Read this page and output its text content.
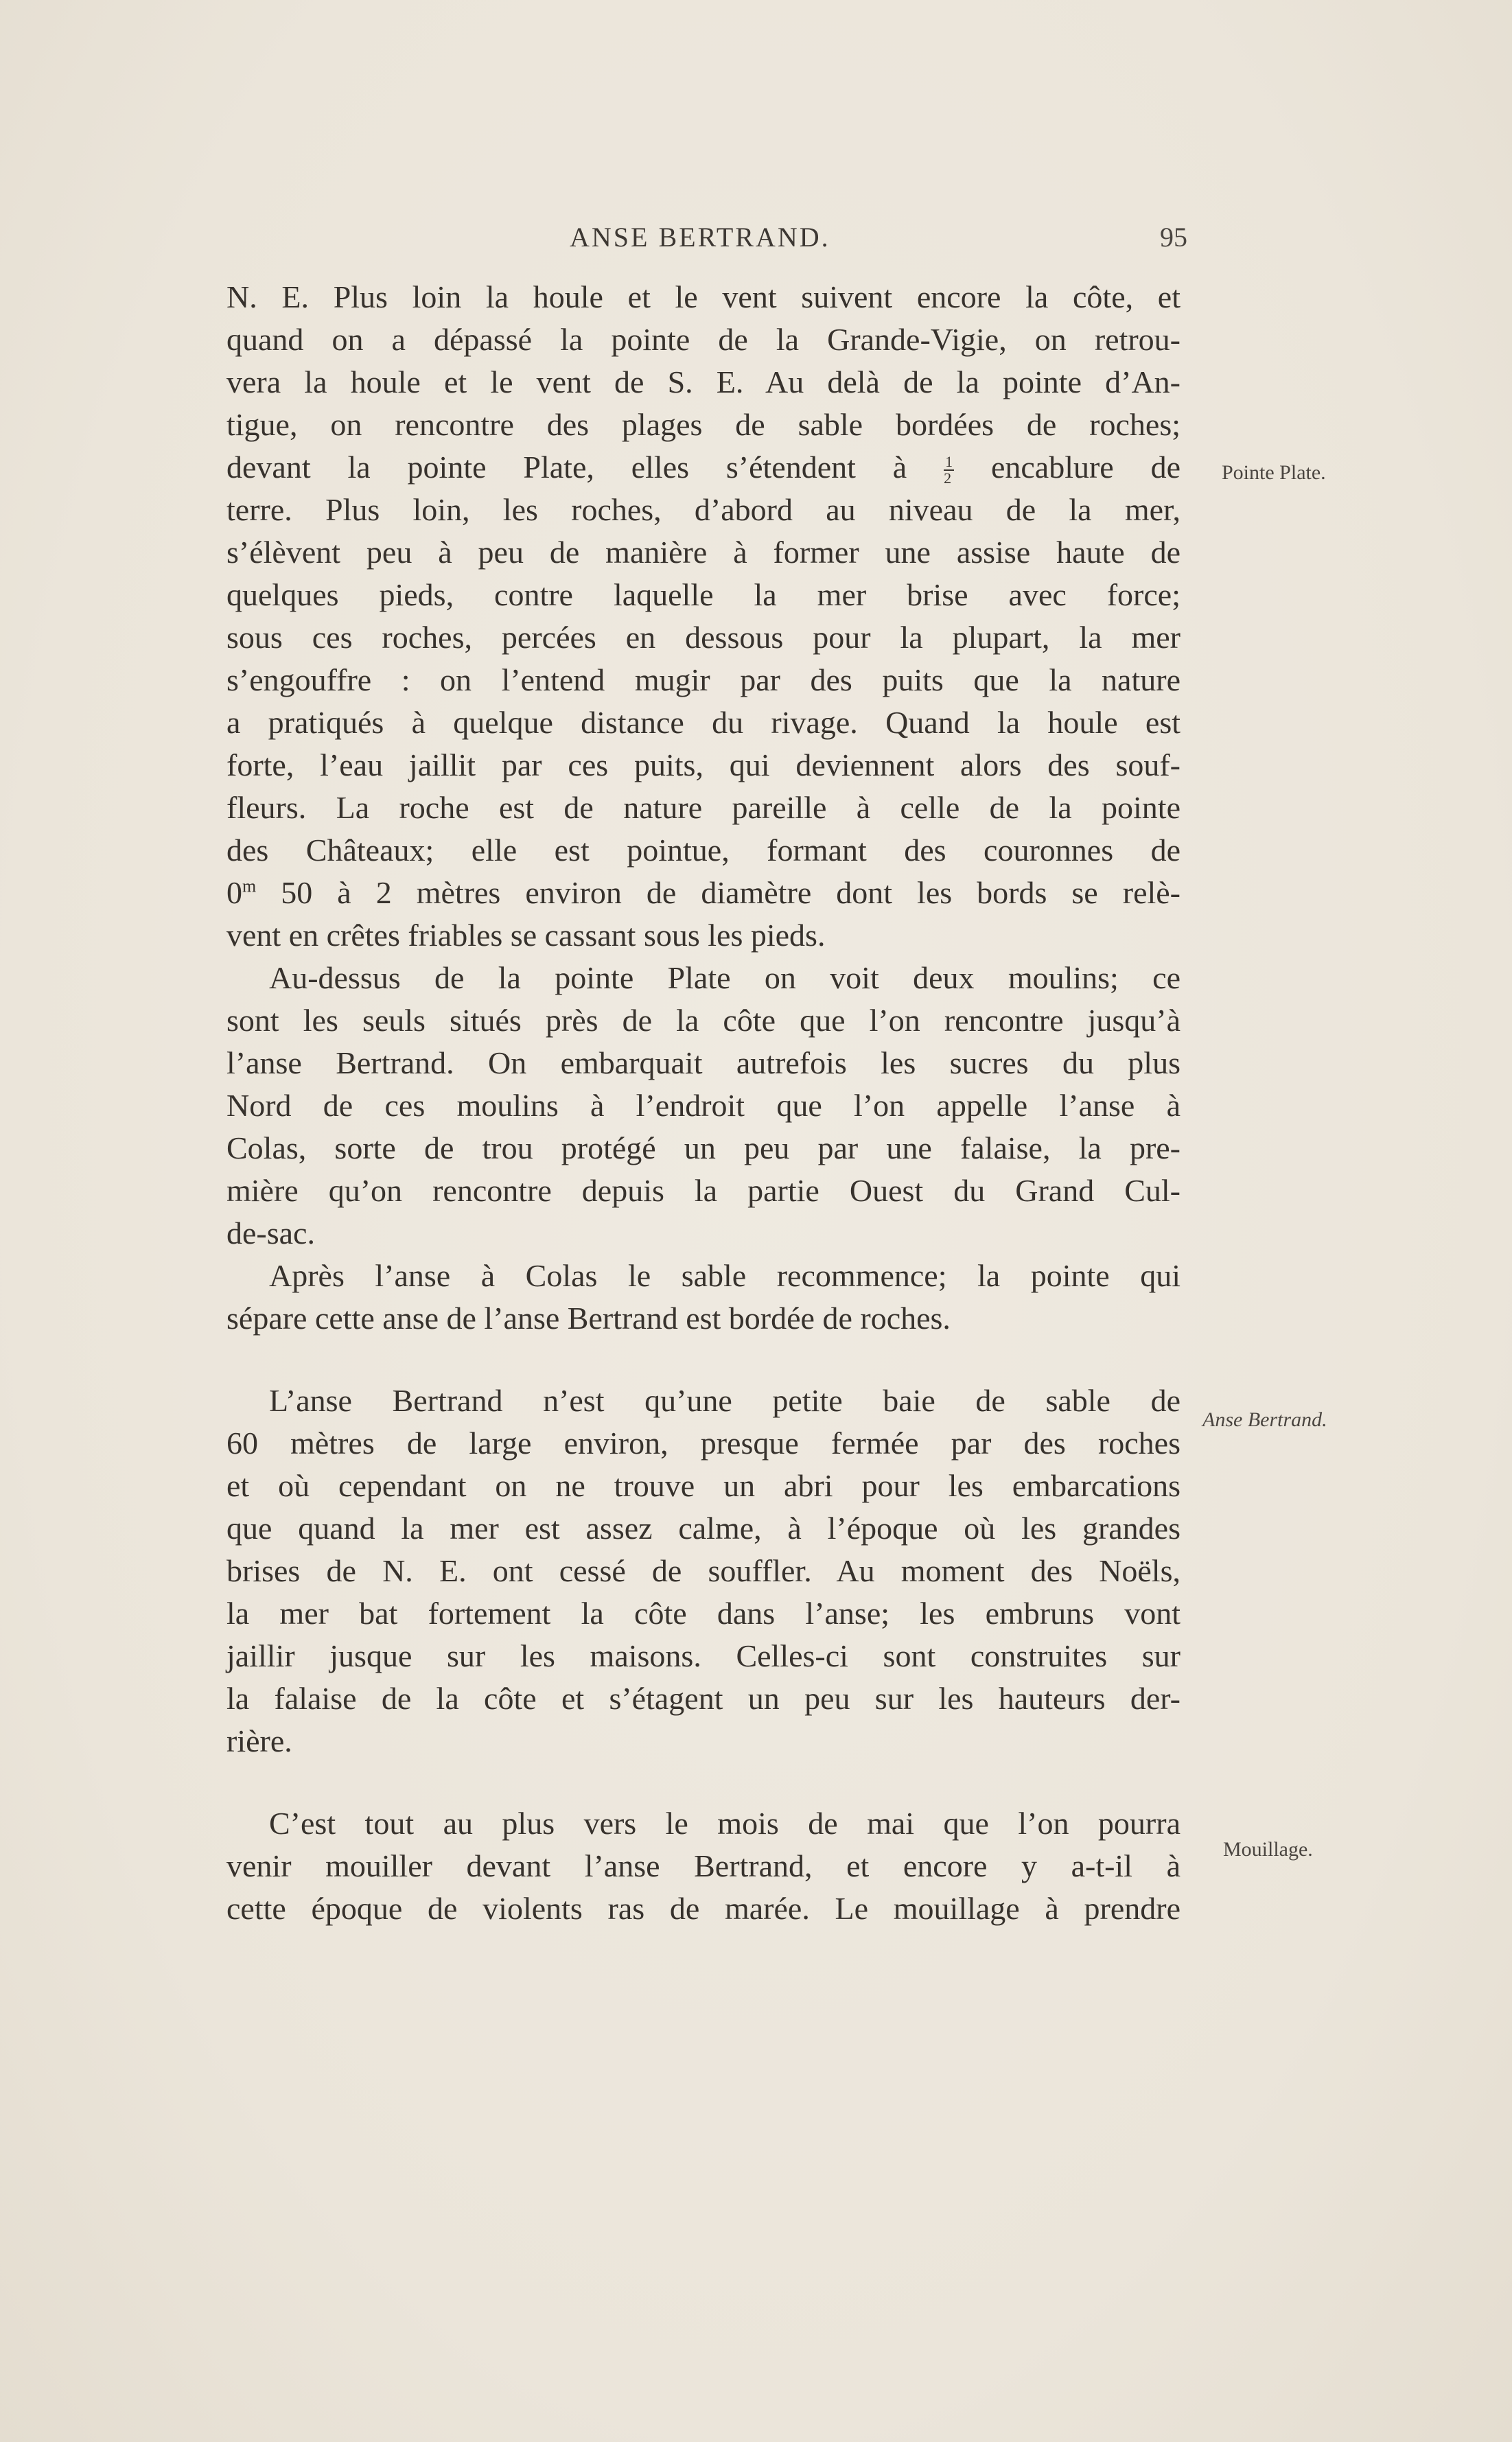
ANSE BERTRAND.	95
N. E. Plus loin la houle et le vent suivent encore la côte, et
quand on a dépassé la pointe de la Grande-Vigie, on retrou-
vera la houle et le vent de S. E. Au delà de la pointe d’An-
tigue, on rencontre des plages de sable bordées de roches;
devant la pointe Plate, elles s’étendent à $\frac{1}{2}$ encablure de
terre. Plus loin, les roches, d’abord au niveau de la mer,
s’élèvent peu à peu de manière à former une assise haute de
quelques pieds, contre laquelle la mer brise avec force;
sous ces roches, percées en dessous pour la plupart, la mer
s’engouffre : on l’entend mugir par des puits que la nature
a pratiqués à quelque distance du rivage. Quand la houle est
forte, l’eau jaillit par ces puits, qui deviennent alors des souf-
fleurs. La roche est de nature pareille à celle de la pointe
des Châteaux; elle est pointue, formant des couronnes de
0$^m$ 50 à 2 mètres environ de diamètre dont les bords se relè-
vent en crêtes friables se cassant sous les pieds.
Au-dessus de la pointe Plate on voit deux moulins; ce
sont les seuls situés près de la côte que l’on rencontre jusqu’à
l’anse Bertrand. On embarquait autrefois les sucres du plus
Nord de ces moulins à l’endroit que l’on appelle l’anse à
Colas, sorte de trou protégé un peu par une falaise, la pre-
mière qu’on rencontre depuis la partie Ouest du Grand Cul-
de-sac.
Après l’anse à Colas le sable recommence; la pointe qui
sépare cette anse de l’anse Bertrand est bordée de roches.
L’anse Bertrand n’est qu’une petite baie de sable de
60 mètres de large environ, presque fermée par des roches
et où cependant on ne trouve un abri pour les embarcations
que quand la mer est assez calme, à l’époque où les grandes
brises de N. E. ont cessé de souffler. Au moment des Noëls,
la mer bat fortement la côte dans l’anse; les embruns vont
jaillir jusque sur les maisons. Celles-ci sont construites sur
la falaise de la côte et s’étagent un peu sur les hauteurs der-
rière.
C’est tout au plus vers le mois de mai que l’on pourra
venir mouiller devant l’anse Bertrand, et encore y a-t-il à
cette époque de violents ras de marée. Le mouillage à prendre
Pointe Plate.
Anse Bertrand.
Mouillage.
